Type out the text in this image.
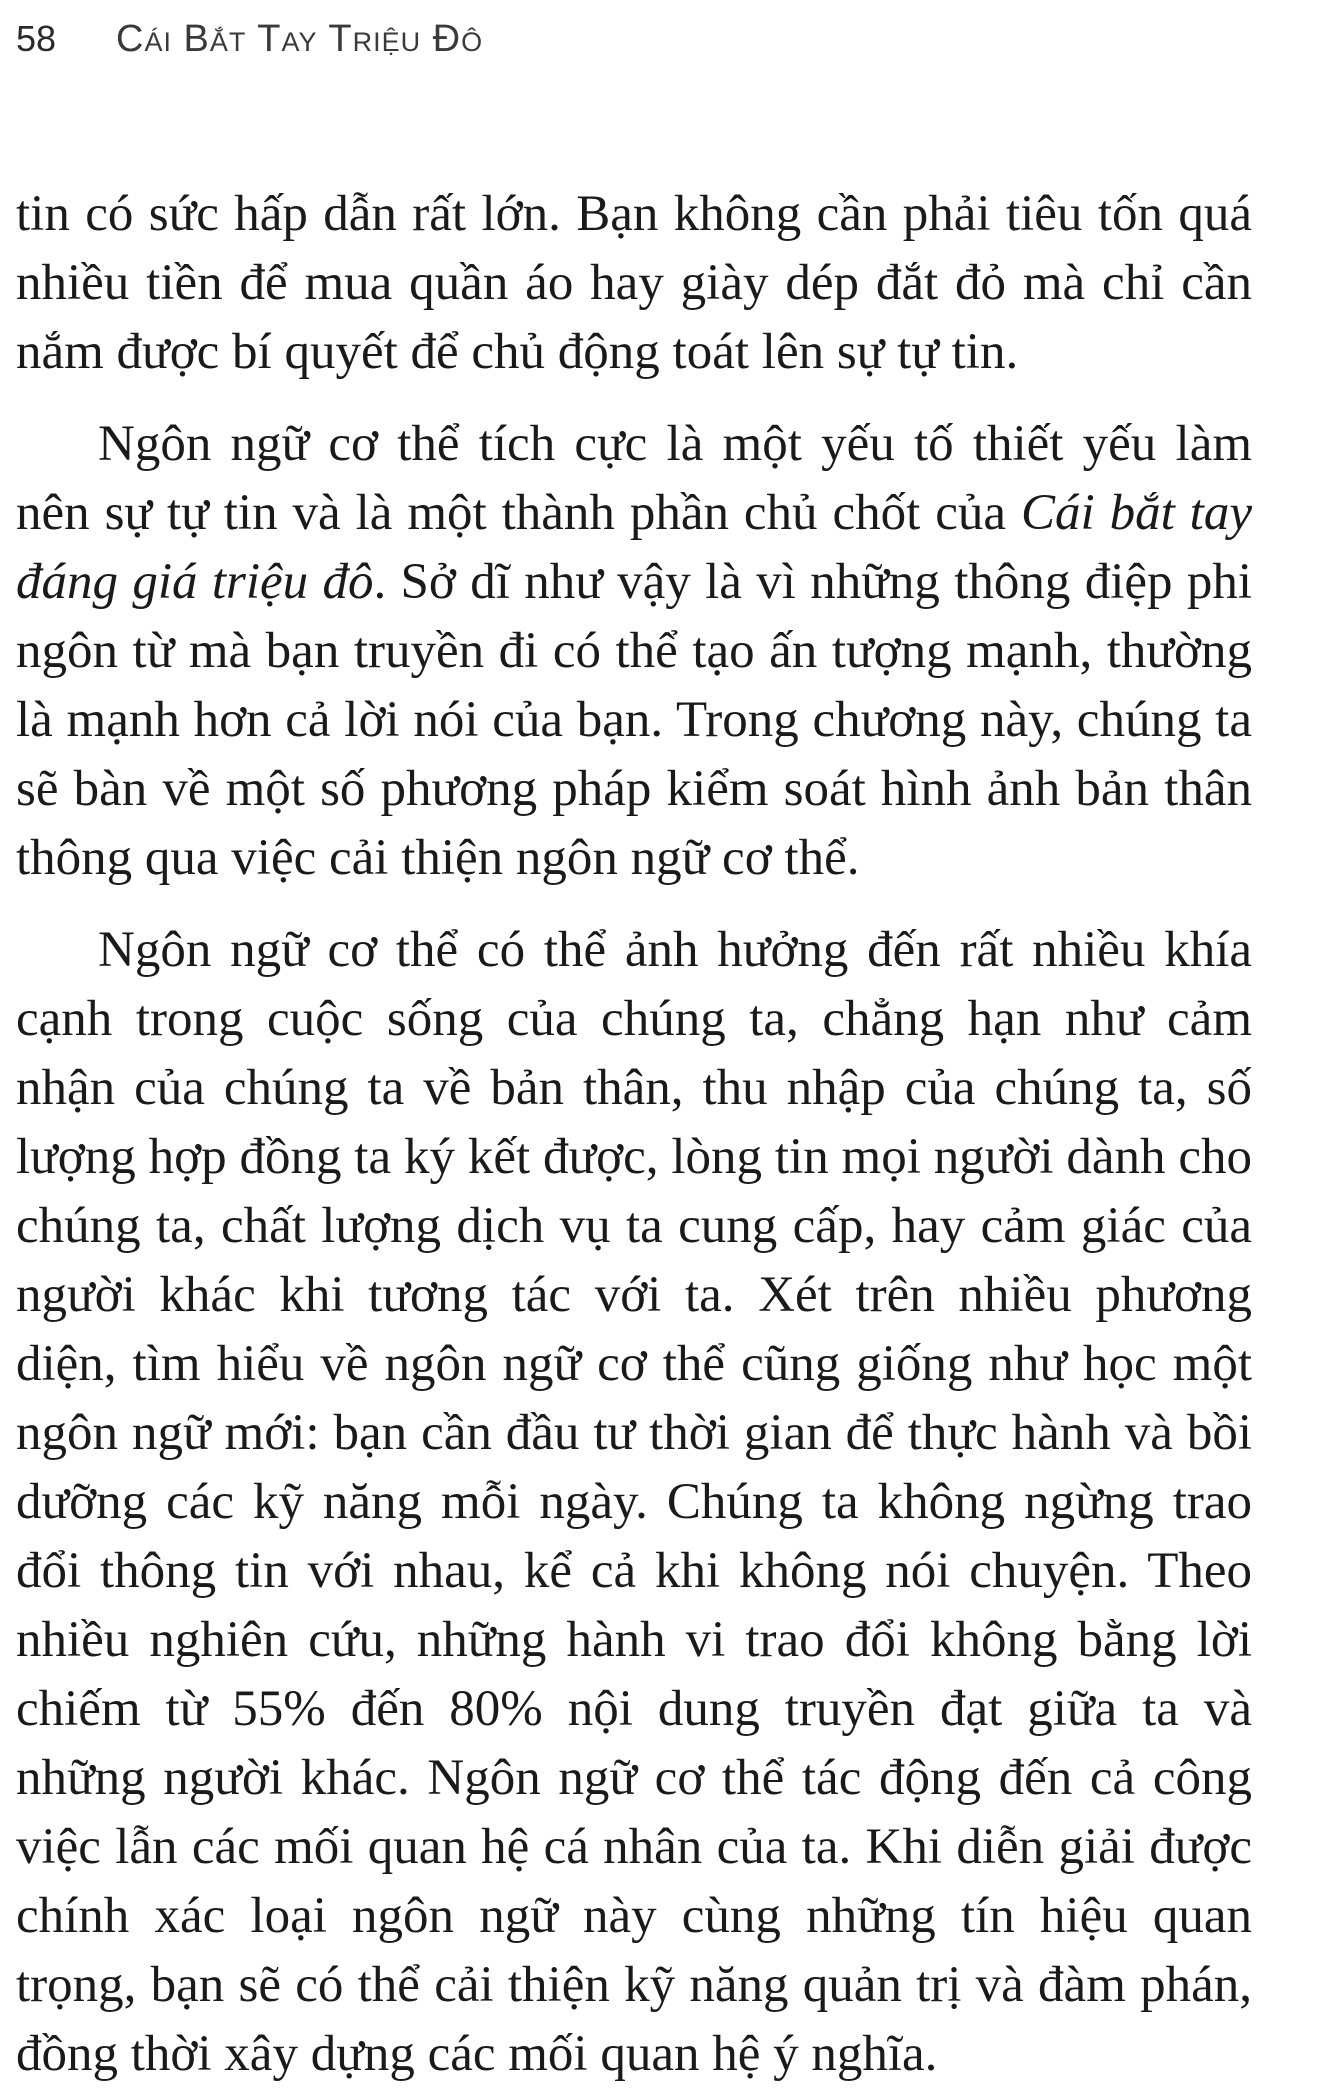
58 Cái Bắt Tay Triệu Đô

tin có sức hấp dẫn rất lớn. Bạn không cần phải tiêu tốn quá nhiều tiền để mua quần áo hay giày dép đắt đỏ mà chỉ cần nắm được bí quyết để chủ động toát lên sự tự tin.

Ngôn ngữ cơ thể tích cực là một yếu tố thiết yếu làm nên sự tự tin và là một thành phần chủ chốt của Cái bắt tay đáng giá triệu đô. Sở dĩ như vậy là vì những thông điệp phi ngôn từ mà bạn truyền đi có thể tạo ấn tượng mạnh, thường là mạnh hơn cả lời nói của bạn. Trong chương này, chúng ta sẽ bàn về một số phương pháp kiểm soát hình ảnh bản thân thông qua việc cải thiện ngôn ngữ cơ thể.

Ngôn ngữ cơ thể có thể ảnh hưởng đến rất nhiều khía cạnh trong cuộc sống của chúng ta, chẳng hạn như cảm nhận của chúng ta về bản thân, thu nhập của chúng ta, số lượng hợp đồng ta ký kết được, lòng tin mọi người dành cho chúng ta, chất lượng dịch vụ ta cung cấp, hay cảm giác của người khác khi tương tác với ta. Xét trên nhiều phương diện, tìm hiểu về ngôn ngữ cơ thể cũng giống như học một ngôn ngữ mới: bạn cần đầu tư thời gian để thực hành và bồi dưỡng các kỹ năng mỗi ngày. Chúng ta không ngừng trao đổi thông tin với nhau, kể cả khi không nói chuyện. Theo nhiều nghiên cứu, những hành vi trao đổi không bằng lời chiếm từ 55% đến 80% nội dung truyền đạt giữa ta và những người khác. Ngôn ngữ cơ thể tác động đến cả công việc lẫn các mối quan hệ cá nhân của ta. Khi diễn giải được chính xác loại ngôn ngữ này cùng những tín hiệu quan trọng, bạn sẽ có thể cải thiện kỹ năng quản trị và đàm phán, đồng thời xây dựng các mối quan hệ ý nghĩa.
